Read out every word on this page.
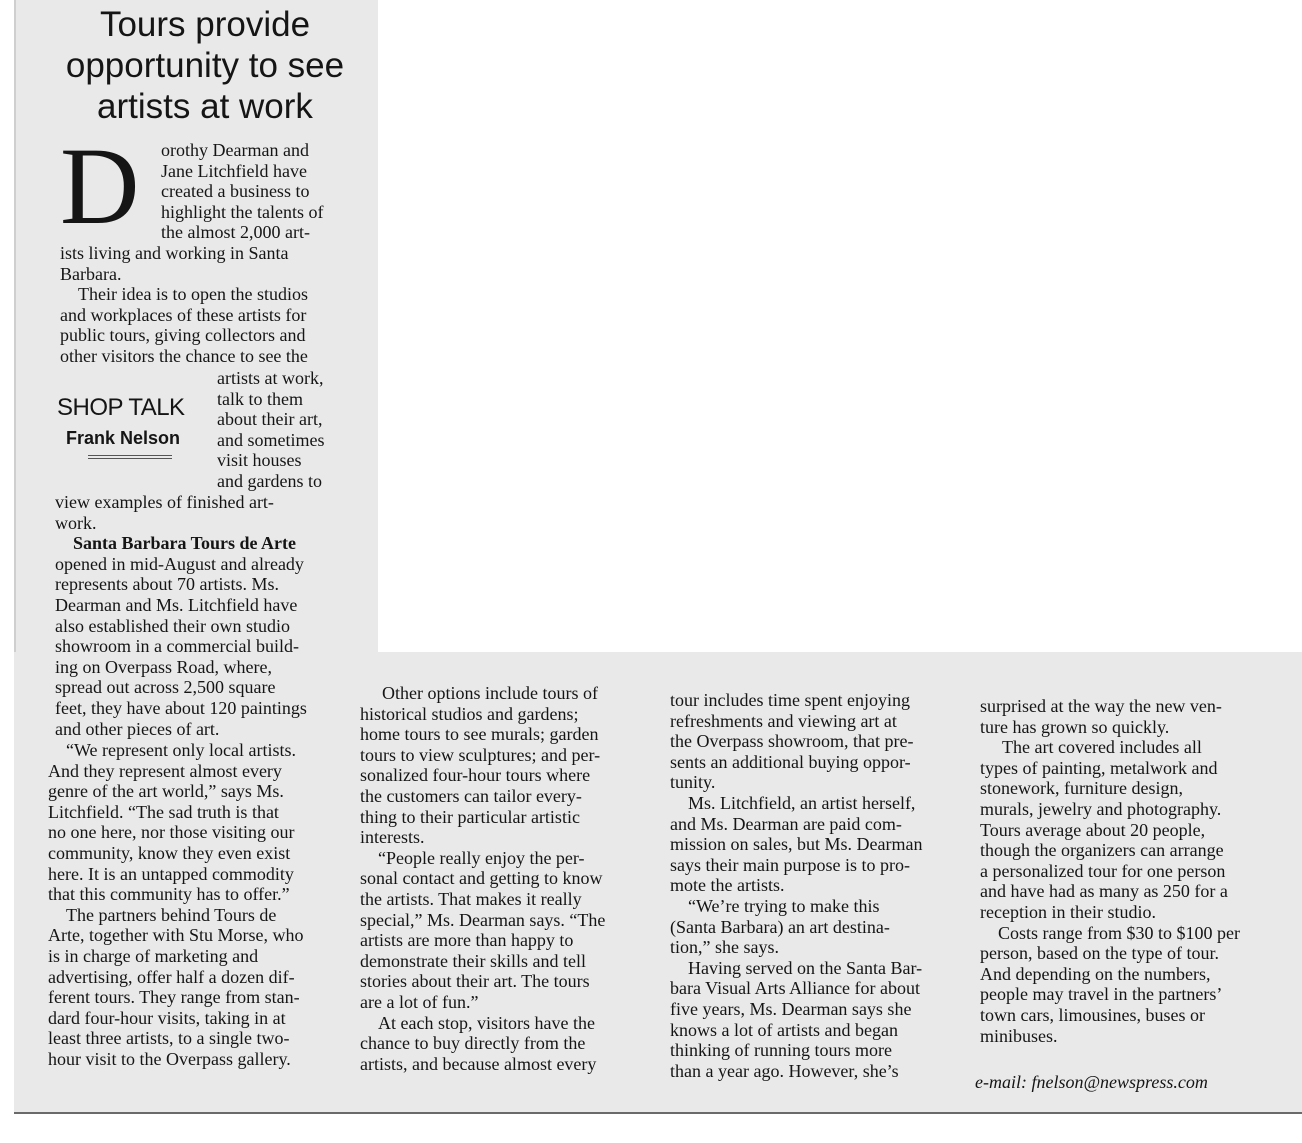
Tours provide
opportunity to see
artists at work
D orothy Dearman and
Jane Litchfield have
created a business to
highlight the talents of
the almost 2,000 art-
ists living and working in Santa
Barbara.
Their idea is to open the studios
and workplaces of these artists for
public tours, giving collectors and
other visitors the chance to see the
artists at work,
talk to them
about their art,
and sometimes
visit houses
and gardens to
SHOP TALK
Frank Nelson
view examples of finished art-
work.
Santa Barbara Tours de Arte
opened in mid-August and already
represents about 70 artists. Ms.
Dearman and Ms. Litchfield have
also established their own studio
showroom in a commercial build-
ing on Overpass Road, where,
spread out across 2,500 square
feet, they have about 120 paintings
and other pieces of art.
“We represent only local artists.
And they represent almost every
genre of the art world,” says Ms.
Litchfield. “The sad truth is that
no one here, nor those visiting our
community, know they even exist
here. It is an untapped commodity
that this community has to offer.”
The partners behind Tours de
Arte, together with Stu Morse, who
is in charge of marketing and
advertising, offer half a dozen dif-
ferent tours. They range from stan-
dard four-hour visits, taking in at
least three artists, to a single two-
hour visit to the Overpass gallery.
Other options include tours of
historical studios and gardens;
home tours to see murals; garden
tours to view sculptures; and per-
sonalized four-hour tours where
the customers can tailor every-
thing to their particular artistic
interests.
“People really enjoy the per-
sonal contact and getting to know
the artists. That makes it really
special,” Ms. Dearman says. “The
artists are more than happy to
demonstrate their skills and tell
stories about their art. The tours
are a lot of fun.”
At each stop, visitors have the
chance to buy directly from the
artists, and because almost every
tour includes time spent enjoying
refreshments and viewing art at
the Overpass showroom, that pre-
sents an additional buying oppor-
tunity.
Ms. Litchfield, an artist herself,
and Ms. Dearman are paid com-
mission on sales, but Ms. Dearman
says their main purpose is to pro-
mote the artists.
“We’re trying to make this
(Santa Barbara) an art destina-
tion,” she says.
Having served on the Santa Bar-
bara Visual Arts Alliance for about
five years, Ms. Dearman says she
knows a lot of artists and began
thinking of running tours more
than a year ago. However, she’s
surprised at the way the new ven-
ture has grown so quickly.
The art covered includes all
types of painting, metalwork and
stonework, furniture design,
murals, jewelry and photography.
Tours average about 20 people,
though the organizers can arrange
a personalized tour for one person
and have had as many as 250 for a
reception in their studio.
Costs range from $30 to $100 per
person, based on the type of tour.
And depending on the numbers,
people may travel in the partners’
town cars, limousines, buses or
minibuses.
e-mail: fnelson@newspress.com
